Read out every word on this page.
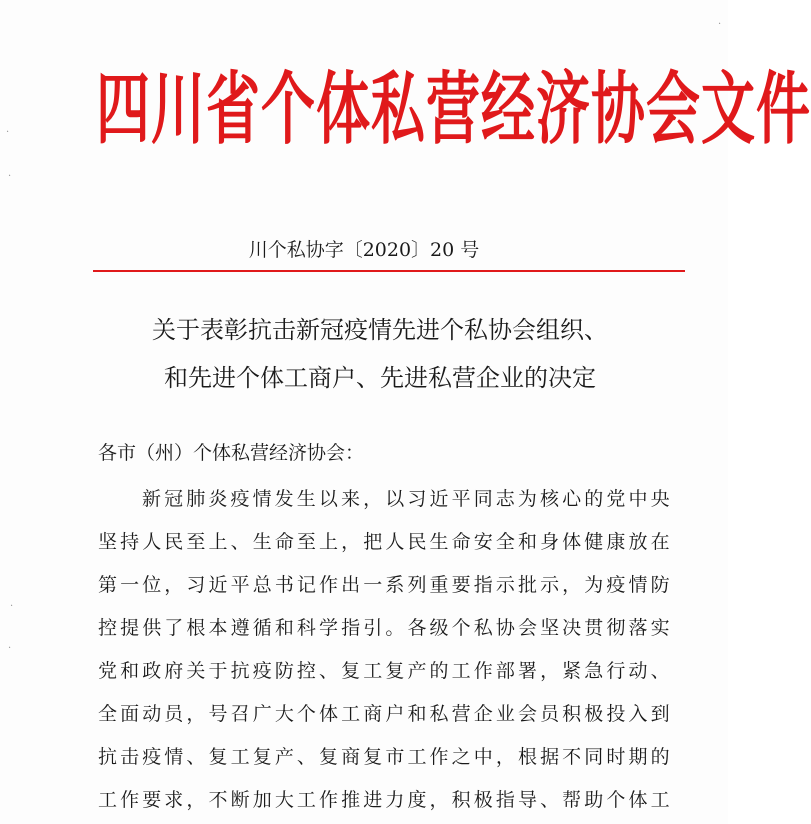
四川省个体私营经济协会文件
川个私协字〔2020〕20 号
关于表彰抗击新冠疫情先进个私协会组织、
和先进个体工商户、先进私营企业的决定
各市（州）个体私营经济协会：
新冠肺炎疫情发生以来，以习近平同志为核心的党中央
坚持人民至上、生命至上，把人民生命安全和身体健康放在
第一位，习近平总书记作出一系列重要指示批示，为疫情防
控提供了根本遵循和科学指引。各级个私协会坚决贯彻落实
党和政府关于抗疫防控、复工复产的工作部署，紧急行动、
全面动员，号召广大个体工商户和私营企业会员积极投入到
抗击疫情、复工复产、复商复市工作之中，根据不同时期的
工作要求，不断加大工作推进力度，积极指导、帮助个体工
·
·
·
·
·
